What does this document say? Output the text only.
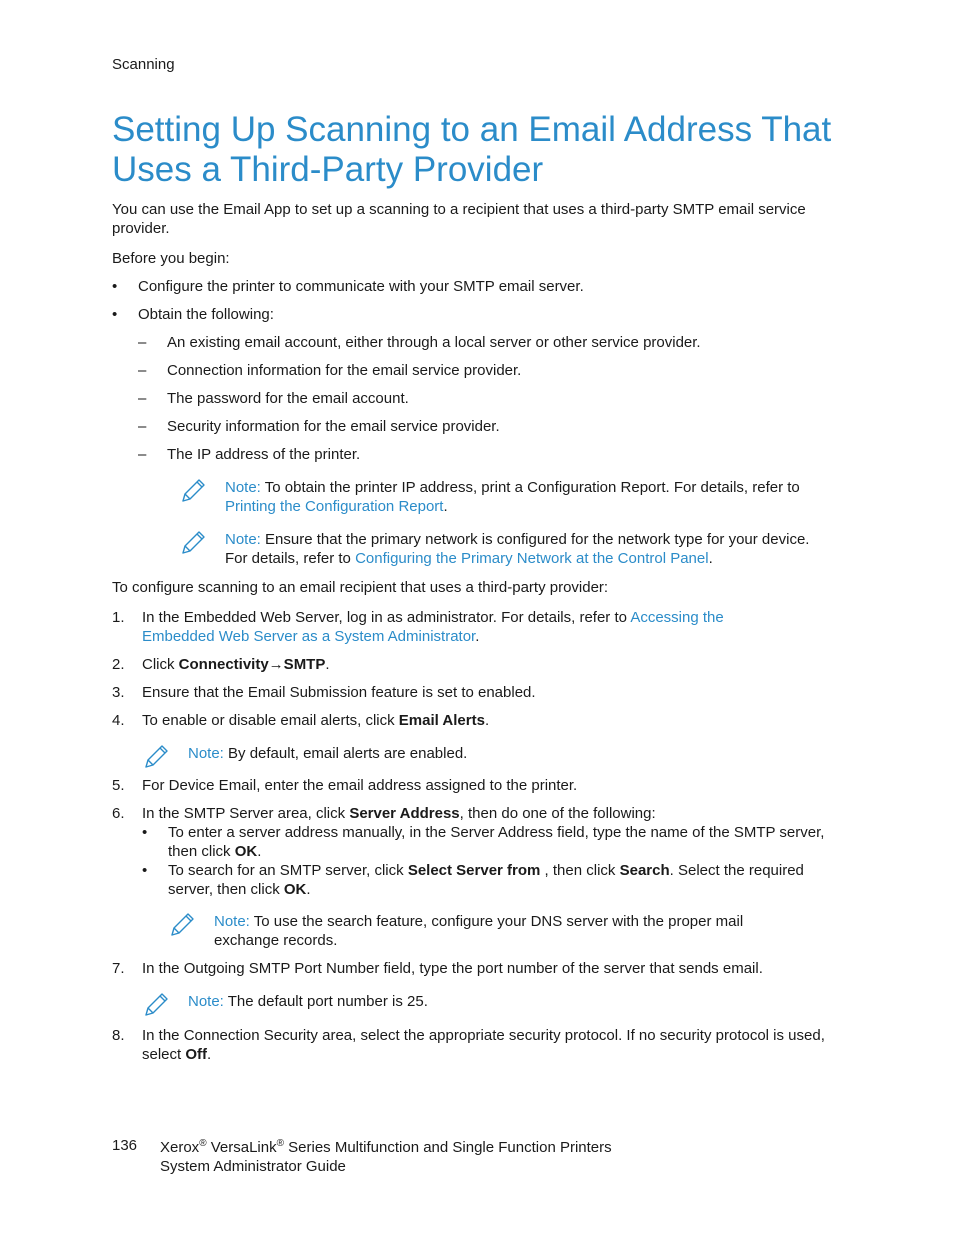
Scanning
Setting Up Scanning to an Email Address That
Uses a Third-Party Provider
You can use the Email App to set up a scanning to a recipient that uses a third-party SMTP email service provider.
Before you begin:
• Configure the printer to communicate with your SMTP email server.
• Obtain the following:
– An existing email account, either through a local server or other service provider.
– Connection information for the email service provider.
– The password for the email account.
– Security information for the email service provider.
– The IP address of the printer.
Note: To obtain the printer IP address, print a Configuration Report. For details, refer to Printing the Configuration Report.
Note: Ensure that the primary network is configured for the network type for your device. For details, refer to Configuring the Primary Network at the Control Panel.
To configure scanning to an email recipient that uses a third-party provider:
1. In the Embedded Web Server, log in as administrator. For details, refer to Accessing the Embedded Web Server as a System Administrator.
2. Click Connectivity→SMTP.
3. Ensure that the Email Submission feature is set to enabled.
4. To enable or disable email alerts, click Email Alerts.
Note: By default, email alerts are enabled.
5. For Device Email, enter the email address assigned to the printer.
6. In the SMTP Server area, click Server Address, then do one of the following:
• To enter a server address manually, in the Server Address field, type the name of the SMTP server, then click OK.
• To search for an SMTP server, click Select Server from , then click Search. Select the required server, then click OK.
Note: To use the search feature, configure your DNS server with the proper mail exchange records.
7. In the Outgoing SMTP Port Number field, type the port number of the server that sends email.
Note: The default port number is 25.
8. In the Connection Security area, select the appropriate security protocol. If no security protocol is used, select Off.
136 Xerox® VersaLink® Series Multifunction and Single Function Printers
System Administrator Guide
